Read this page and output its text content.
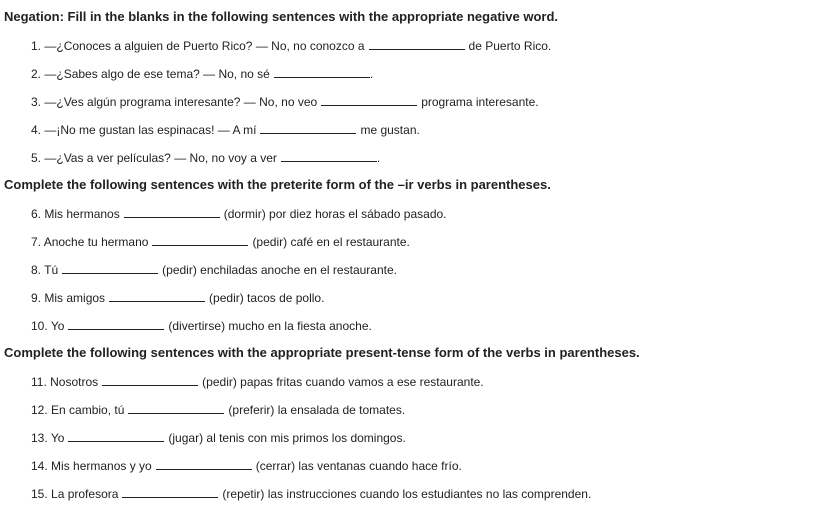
Negation: Fill in the blanks in the following sentences with the appropriate negative word.
1. —¿Conoces a alguien de Puerto Rico? — No, no conozco a	de Puerto Rico.
2. —¿Sabes algo de ese tema? — No, no sé	.
3. —¿Ves algún programa interesante? — No, no veo	programa interesante.
4. —¡No me gustan las espinacas! — A mí	me gustan.
5. —¿Vas a ver películas? — No, no voy a ver	.
Complete the following sentences with the preterite form of the –ir verbs in parentheses.
6. Mis hermanos	(dormir) por diez horas el sábado pasado.
7. Anoche tu hermano	(pedir) café en el restaurante.
8. Tú	(pedir) enchiladas anoche en el restaurante.
9. Mis amigos	(pedir) tacos de pollo.
10. Yo	(divertirse) mucho en la fiesta anoche.
Complete the following sentences with the appropriate present-tense form of the verbs in parentheses.
11. Nosotros	(pedir) papas fritas cuando vamos a ese restaurante.
12. En cambio, tú	(preferir) la ensalada de tomates.
13. Yo	(jugar) al tenis con mis primos los domingos.
14. Mis hermanos y yo	(cerrar) las ventanas cuando hace frío.
15. La profesora	(repetir) las instrucciones cuando los estudiantes no las comprenden.
